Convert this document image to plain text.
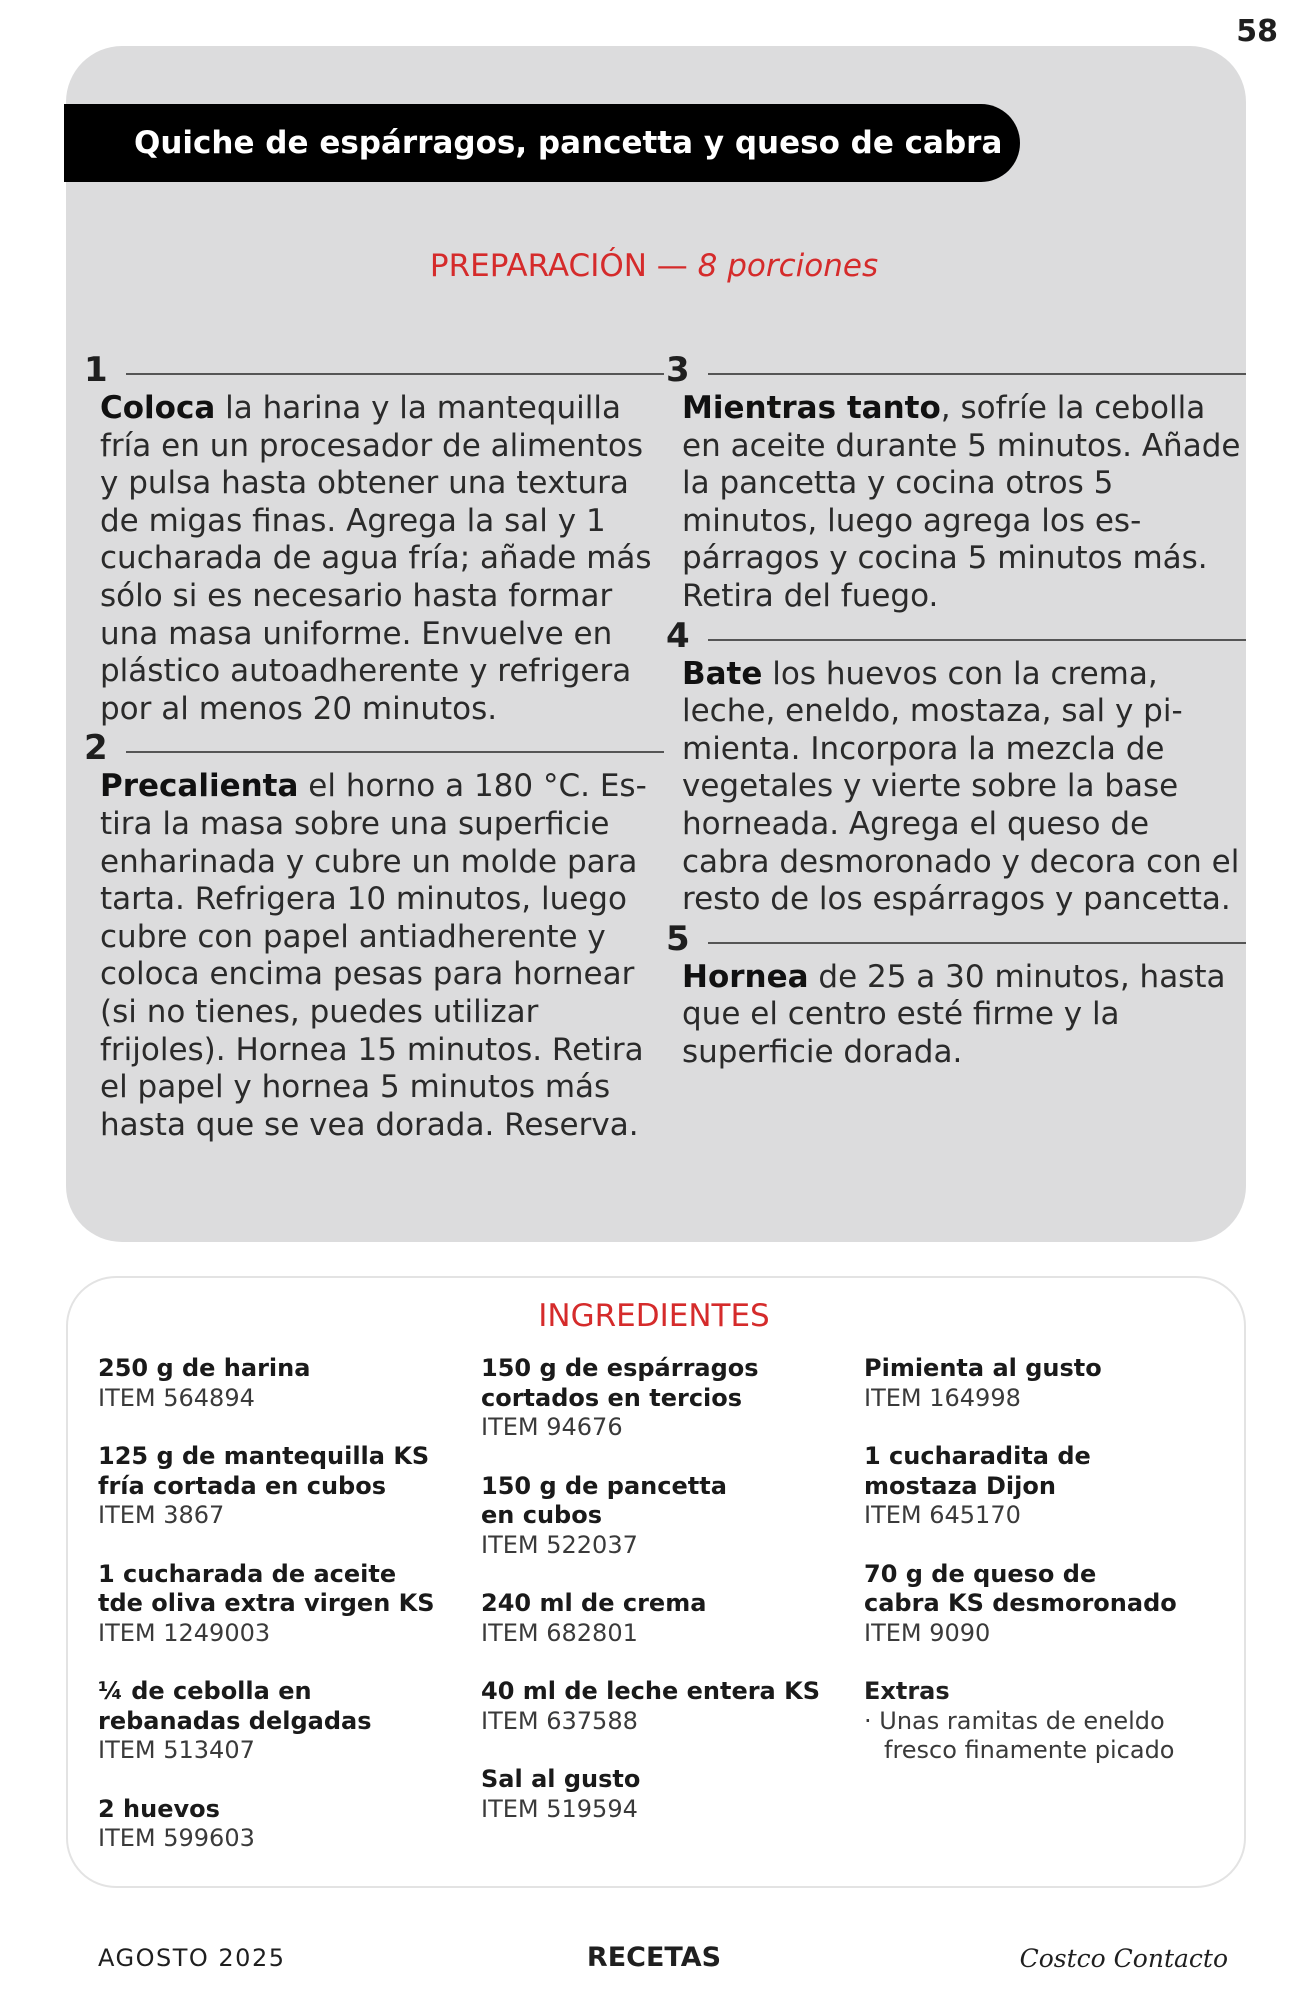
58
Quiche de espárragos, pancetta y queso de cabra
PREPARACIÓN — 8 porciones
1

Coloca la harina y la mantequilla fría en un procesador de alimentos y pulsa hasta obtener una textura de migas finas. Agrega la sal y 1 cucharada de agua fría; añade más sólo si es necesario hasta formar una masa uniforme. Envuelve en plástico autoadherente y refrigera por al menos 20 minutos.

2

Precalienta el horno a 180 °C. Estira la masa sobre una superficie enharinada y cubre un molde para tarta. Refrigera 10 minutos, luego cubre con papel antiadherente y coloca encima pesas para hornear (si no tienes, puedes utilizar frijoles). Hornea 15 minutos. Retira el papel y hornea 5 minutos más hasta que se vea dorada. Reserva.

3

Mientras tanto, sofríe la cebolla en aceite durante 5 minutos. Añade la pancetta y cocina otros 5 minutos, luego agrega los espárragos y cocina 5 minutos más. Retira del fuego.

4

Bate los huevos con la crema, leche, eneldo, mostaza, sal y pimienta. Incorpora la mezcla de vegetales y vierte sobre la base horneada. Agrega el queso de cabra desmoronado y decora con el resto de los espárragos y pancetta.

5

Hornea de 25 a 30 minutos, hasta que el centro esté firme y la superficie dorada.

INGREDIENTES
250 g de harina
ITEM 564894
125 g de mantequilla KS
fría cortada en cubos
ITEM 3867
1 cucharada de aceite
tde oliva extra virgen KS
ITEM 1249003
¼ de cebolla en
rebanadas delgadas
ITEM 513407
2 huevos
ITEM 599603
150 g de espárragos
cortados en tercios
ITEM 94676
150 g de pancetta
en cubos
ITEM 522037
240 ml de crema
ITEM 682801
40 ml de leche entera KS
ITEM 637588
Sal al gusto
ITEM 519594
Pimienta al gusto
ITEM 164998
1 cucharadita de
mostaza Dijon
ITEM 645170
70 g de queso de
cabra KS desmoronado
ITEM 9090
Extras
· Unas ramitas de eneldo
fresco finamente picado
AGOSTO 2025	RECETAS	Costco Contacto
